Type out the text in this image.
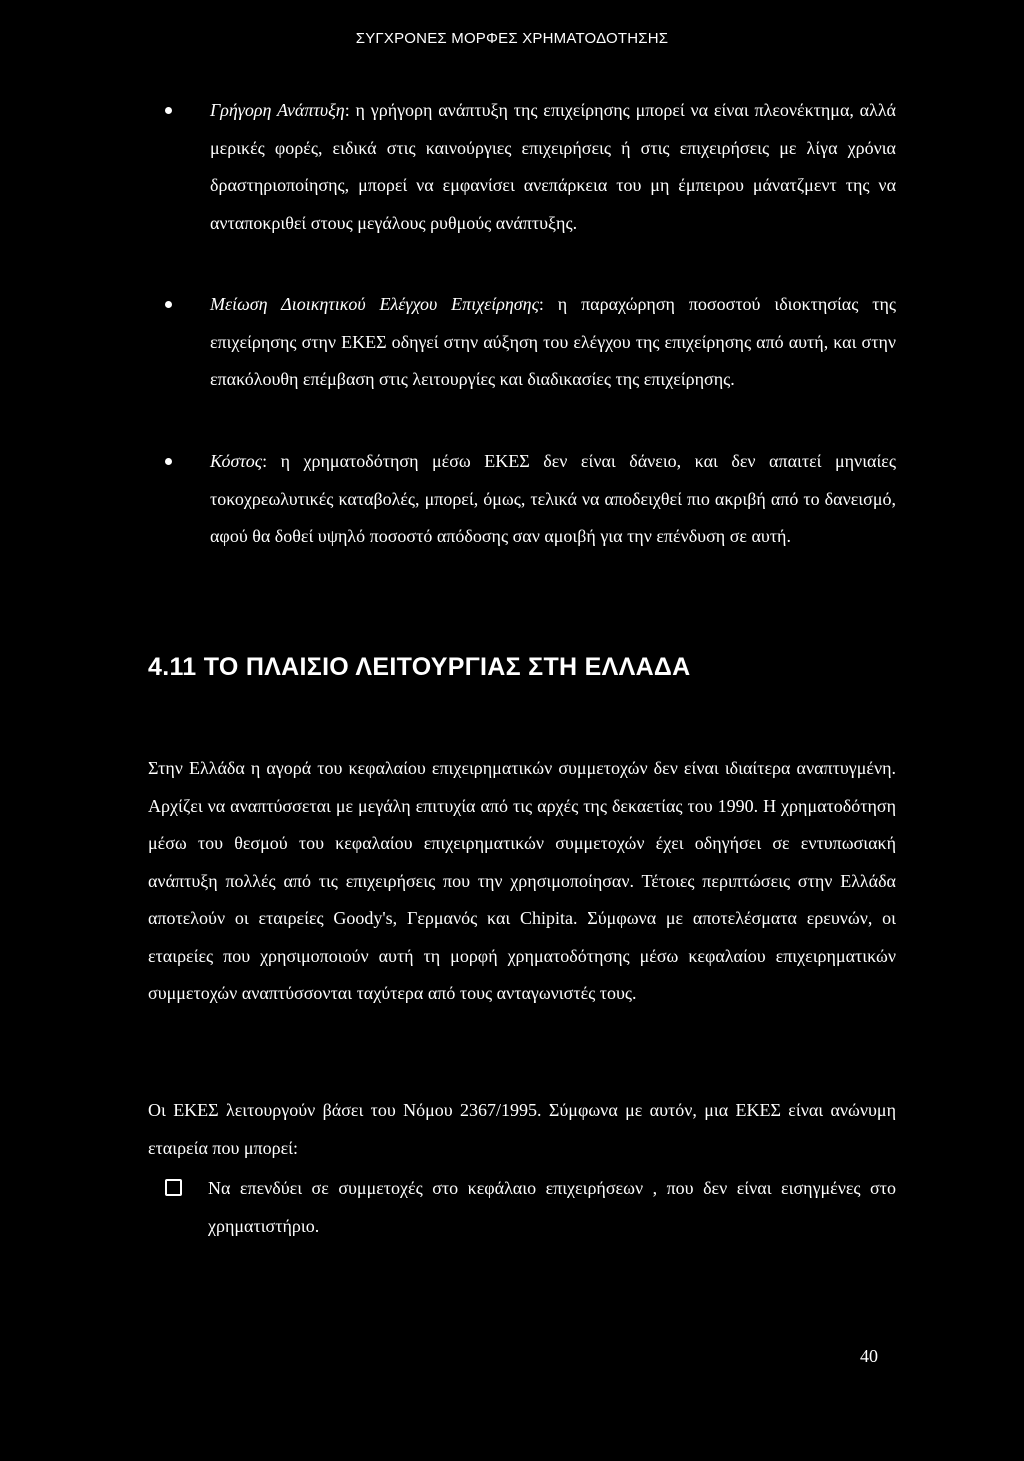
ΣΥΓΧΡΟΝΕΣ ΜΟΡΦΕΣ ΧΡΗΜΑΤΟΔΟΤΗΣΗΣ
Γρήγορη Ανάπτυξη: η γρήγορη ανάπτυξη της επιχείρησης μπορεί να είναι πλεονέκτημα, αλλά μερικές φορές, ειδικά στις καινούργιες επιχειρήσεις ή στις επιχειρήσεις με λίγα χρόνια δραστηριοποίησης, μπορεί να εμφανίσει ανεπάρκεια του μη έμπειρου μάνατζμεντ της να ανταποκριθεί στους μεγάλους ρυθμούς ανάπτυξης.
Μείωση Διοικητικού Ελέγχου Επιχείρησης: η παραχώρηση ποσοστού ιδιοκτησίας της επιχείρησης στην ΕΚΕΣ οδηγεί στην αύξηση του ελέγχου της επιχείρησης από αυτή, και στην επακόλουθη επέμβαση στις λειτουργίες και διαδικασίες της επιχείρησης.
Κόστος: η χρηματοδότηση μέσω ΕΚΕΣ δεν είναι δάνειο, και δεν απαιτεί μηνιαίες τοκοχρεωλυτικές καταβολές, μπορεί, όμως, τελικά να αποδειχθεί πιο ακριβή από το δανεισμό, αφού θα δοθεί υψηλό ποσοστό απόδοσης σαν αμοιβή για την επένδυση σε αυτή.
4.11 ΤΟ ΠΛΑΙΣΙΟ ΛΕΙΤΟΥΡΓΙΑΣ ΣΤΗ ΕΛΛΑΔΑ
Στην Ελλάδα η αγορά του κεφαλαίου επιχειρηματικών συμμετοχών δεν είναι ιδιαίτερα αναπτυγμένη. Αρχίζει να αναπτύσσεται με μεγάλη επιτυχία από τις αρχές της δεκαετίας του 1990. Η χρηματοδότηση μέσω του θεσμού του κεφαλαίου επιχειρηματικών συμμετοχών έχει οδηγήσει σε εντυπωσιακή ανάπτυξη πολλές από τις επιχειρήσεις που την χρησιμοποίησαν. Τέτοιες περιπτώσεις στην Ελλάδα αποτελούν οι εταιρείες Goody's, Γερμανός και Chipita. Σύμφωνα με αποτελέσματα ερευνών, οι εταιρείες που χρησιμοποιούν αυτή τη μορφή χρηματοδότησης μέσω κεφαλαίου επιχειρηματικών συμμετοχών αναπτύσσονται ταχύτερα από τους ανταγωνιστές τους.
Οι ΕΚΕΣ λειτουργούν βάσει του Νόμου 2367/1995. Σύμφωνα με αυτόν, μια ΕΚΕΣ είναι ανώνυμη εταιρεία που μπορεί:
Να επενδύει σε συμμετοχές στο κεφάλαιο επιχειρήσεων , που δεν είναι εισηγμένες στο χρηματιστήριο.
40
